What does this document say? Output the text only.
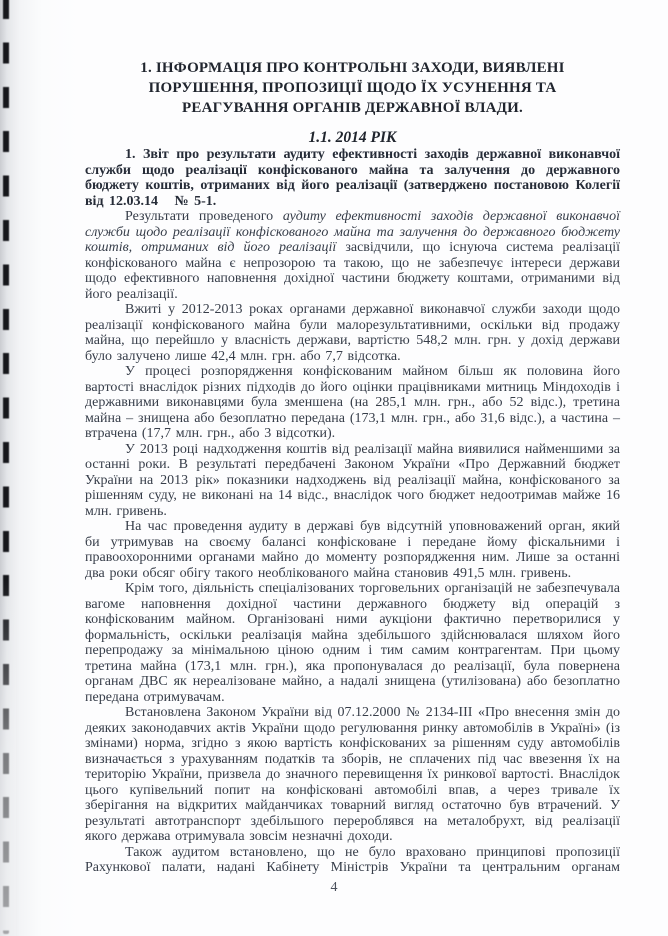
1. ІНФОРМАЦІЯ ПРО КОНТРОЛЬНІ ЗАХОДИ, ВИЯВЛЕНІ ПОРУШЕННЯ, ПРОПОЗИЦІЇ ЩОДО ЇХ УСУНЕННЯ ТА РЕАГУВАННЯ ОРГАНІВ ДЕРЖАВНОЇ ВЛАДИ.
1.1. 2014 РІК

1. Звіт про результати аудиту ефективності заходів державної виконавчої служби щодо реалізації конфіскованого майна та залучення до державного бюджету коштів, отриманих від його реалізації (затверджено постановою Колегії від 12.03.14   № 5-1.

Результати проведеного аудиту ефективності заходів державної виконавчої служби щодо реалізації конфіскованого майна та залучення до державного бюджету коштів, отриманих від його реалізації засвідчили, що існуюча система реалізації конфіскованого майна є непрозорою та такою, що не забезпечує інтереси держави щодо ефективного наповнення дохідної частини бюджету коштами, отриманими від його реалізації.

Вжиті у 2012-2013 роках органами державної виконавчої служби заходи щодо реалізації конфіскованого майна були малорезультативними, оскільки від продажу майна, що перейшло у власність держави, вартістю 548,2 млн. грн. у дохід держави було залучено лише 42,4 млн. грн. або 7,7 відсотка.

У процесі розпорядження конфіскованим майном більш як половина його вартості внаслідок різних підходів до його оцінки працівниками митниць Міндоходів і державними виконавцями була зменшена (на 285,1 млн. грн., або 52 відс.), третина майна – знищена або безоплатно передана (173,1 млн. грн., або 31,6 відс.), а частина – втрачена (17,7 млн. грн., або 3 відсотки).

У 2013 році надходження коштів від реалізації майна виявилися найменшими за останні роки. В результаті передбачені Законом України «Про Державний бюджет України на 2013 рік» показники надходжень від реалізації майна, конфіскованого за рішенням суду, не виконані на 14 відс., внаслідок чого бюджет недоотримав майже 16 млн. гривень.

На час проведення аудиту в державі був відсутній уповноважений орган, який би утримував на своєму балансі конфісковане і передане йому фіскальними і правоохоронними органами майно до моменту розпорядження ним. Лише за останні два роки обсяг обігу такого необлікованого майна становив 491,5 млн. гривень.

Крім того, діяльність спеціалізованих торговельних організацій не забезпечувала вагоме наповнення дохідної частини державного бюджету від операцій з конфіскованим майном. Організовані ними аукціони фактично перетворилися у формальність, оскільки реалізація майна здебільшого здійснювалася шляхом його перепродажу за мінімальною ціною одним і тим самим контрагентам. При цьому третина майна (173,1 млн. грн.), яка пропонувалася до реалізації, була повернена органам ДВС як нереалізоване майно, а надалі знищена (утилізована) або безоплатно передана отримувачам.

Встановлена Законом України від 07.12.2000 № 2134-III «Про внесення змін до деяких законодавчих актів України щодо регулювання ринку автомобілів в Україні» (із змінами) норма, згідно з якою вартість конфіскованих за рішенням суду автомобілів визначається з урахуванням податків та зборів, не сплачених під час ввезення їх на територію України, призвела до значного перевищення їх ринкової вартості. Внаслідок цього купівельний попит на конфісковані автомобілі впав, а через тривале їх зберігання на відкритих майданчиках товарний вигляд остаточно був втрачений. У результаті автотранспорт здебільшого перероблявся на металобрухт, від реалізації якого держава отримувала зовсім незначні доходи.

Також аудитом встановлено, що не було враховано принципові пропозиції Рахункової палати, надані Кабінету Міністрів України та центральним органам

4
